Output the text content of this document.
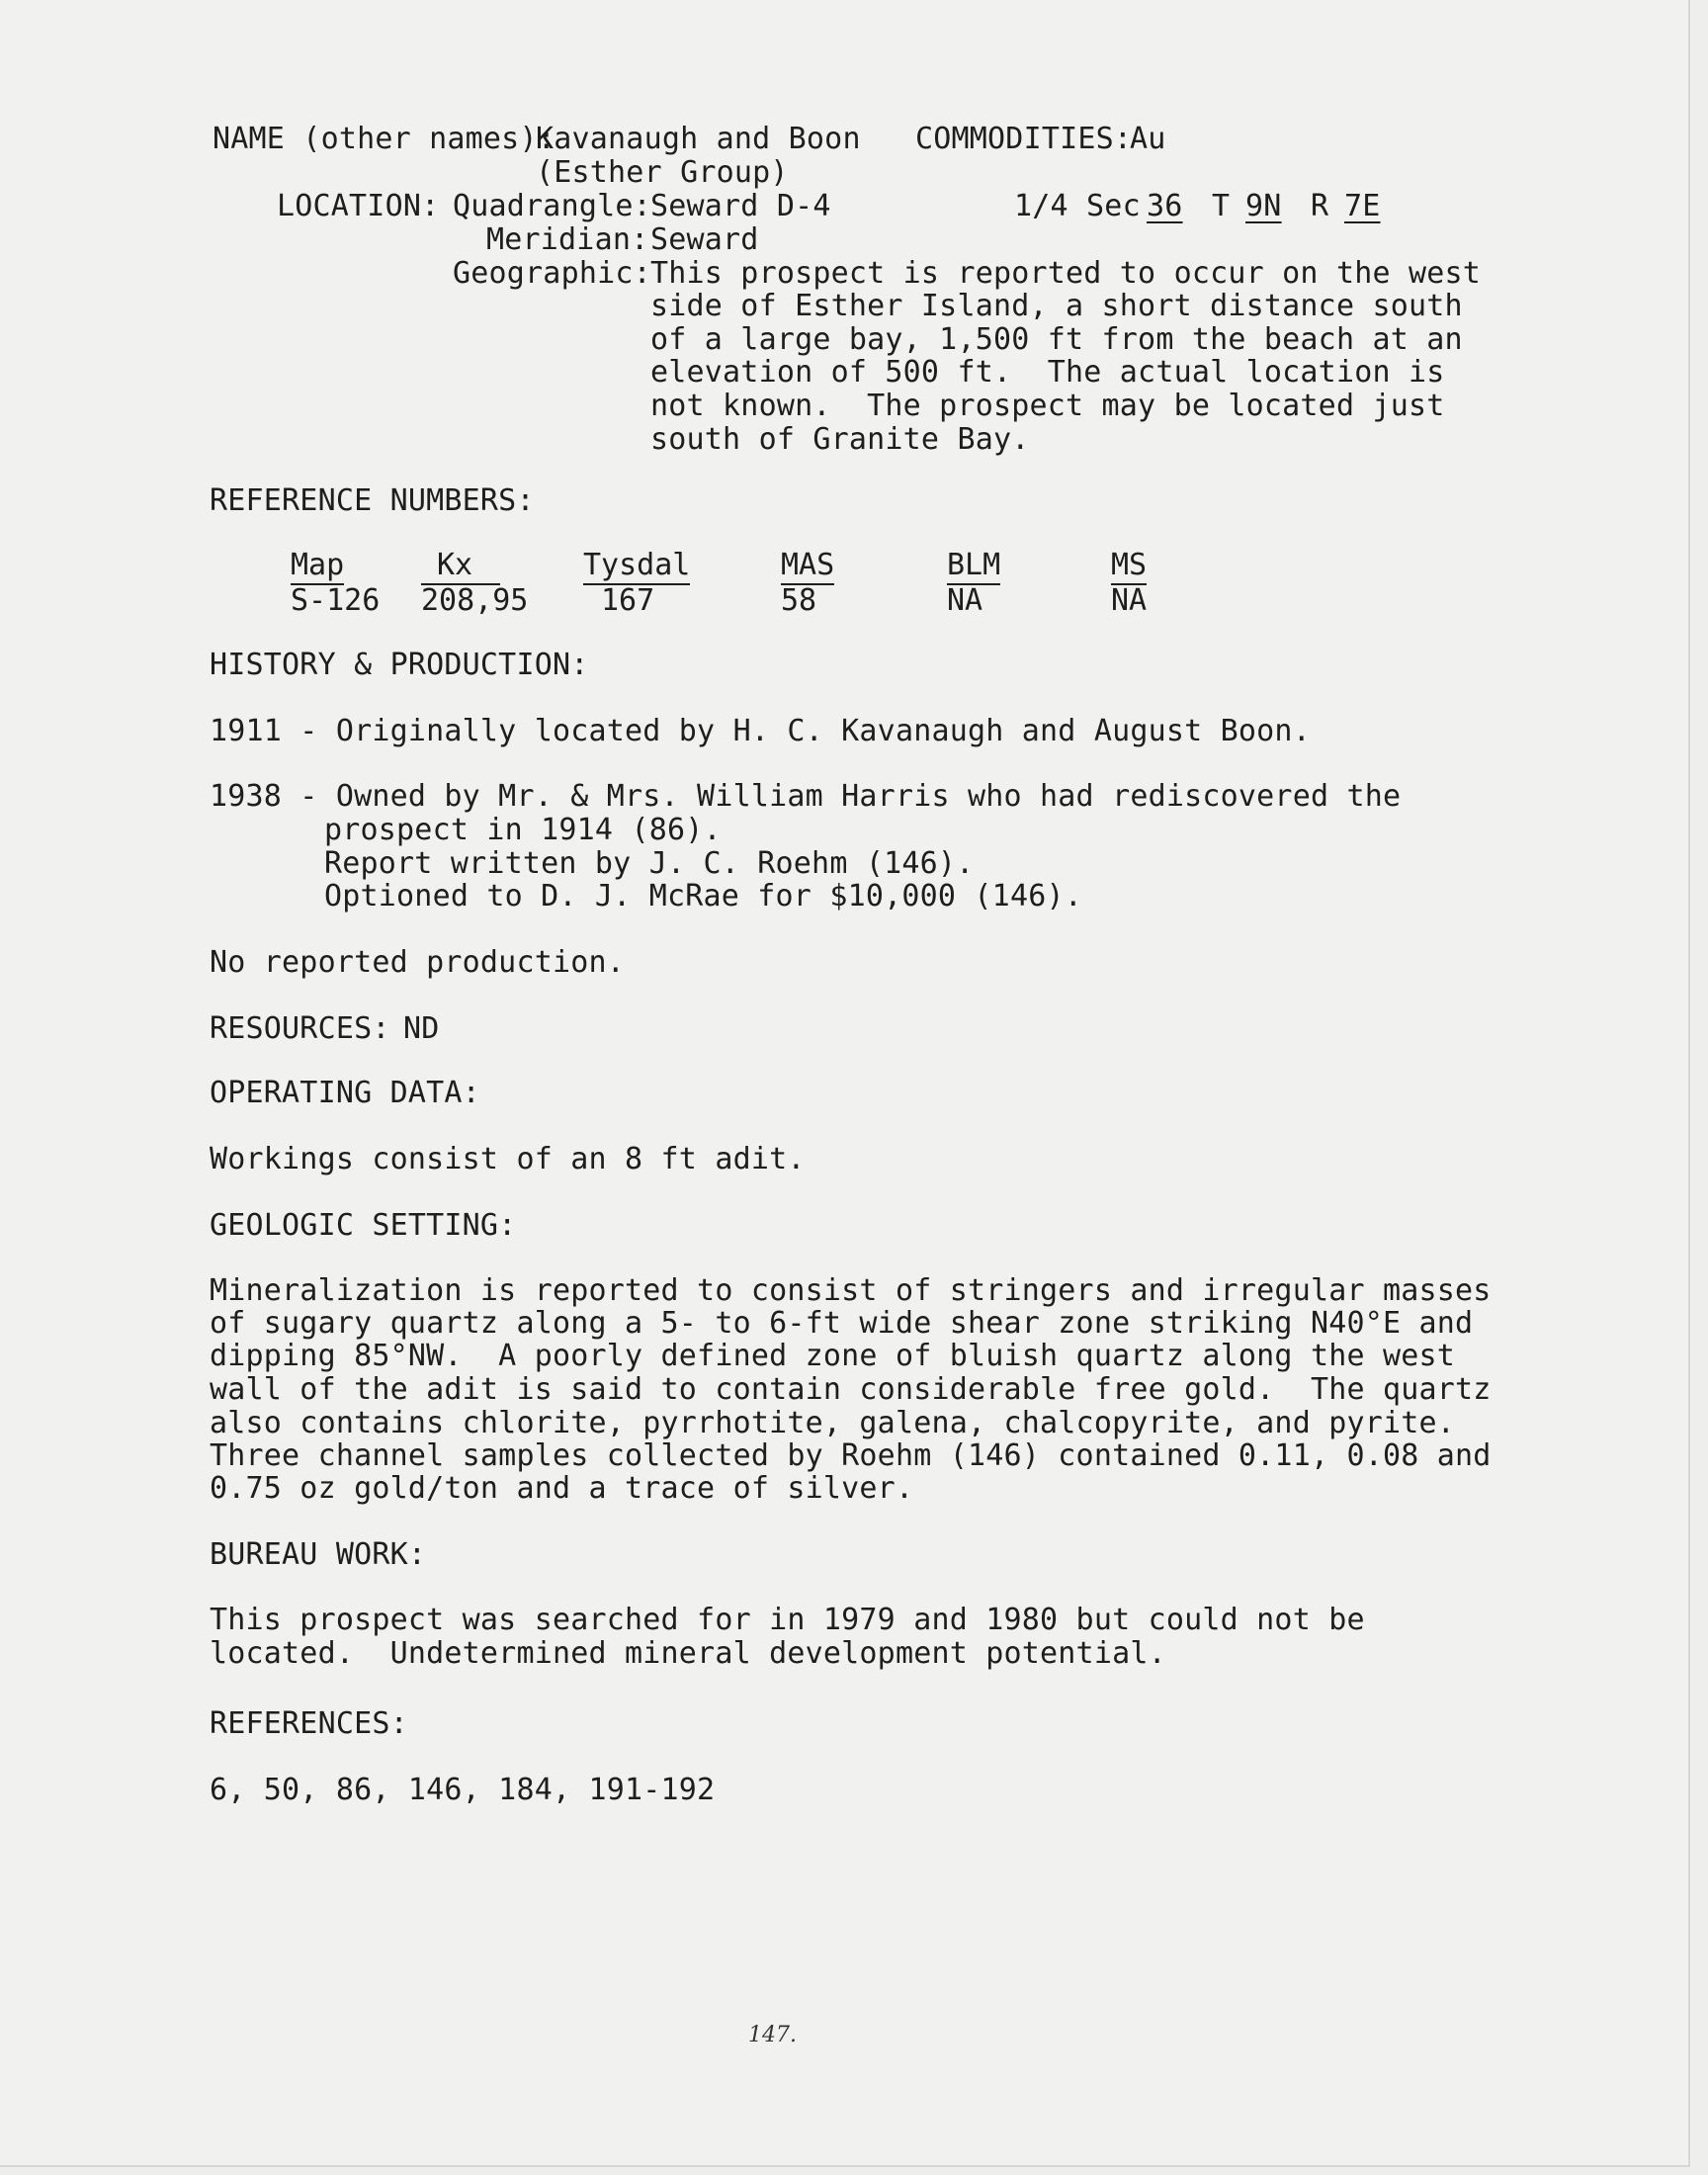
NAME (other names):
Kavanaugh and Boon COMMODITIES:
Au
(Esther Group)
LOCATION: Quadrangle: Seward D-4	1/4 Sec 36 T 9N R 7E
Meridian: Seward
Geographic: This prospect is reported to occur on the west
side of Esther Island, a short distance south
of a large bay, 1,500 ft from the beach at an
elevation of 500 ft.  The actual location is
not known.  The prospect may be located just
south of Granite Bay.
REFERENCE NUMBERS:
Map
S-126
Kx
208,95
Tysdal
167
MAS
58
BLM
NA
MS
NA
HISTORY & PRODUCTION:
1911 - Originally located by H. C. Kavanaugh and August Boon.
1938 - Owned by Mr. & Mrs. William Harris who had rediscovered the
prospect in 1914 (86).
Report written by J. C. Roehm (146).
Optioned to D. J. McRae for $10,000 (146).
No reported production.
RESOURCES: ND
OPERATING DATA:
Workings consist of an 8 ft adit.
GEOLOGIC SETTING:
Mineralization is reported to consist of stringers and irregular masses
of sugary quartz along a 5- to 6-ft wide shear zone striking N40°E and
dipping 85°NW.  A poorly defined zone of bluish quartz along the west
wall of the adit is said to contain considerable free gold.  The quartz
also contains chlorite, pyrrhotite, galena, chalcopyrite, and pyrite.
Three channel samples collected by Roehm (146) contained 0.11, 0.08 and
0.75 oz gold/ton and a trace of silver.
BUREAU WORK:
This prospect was searched for in 1979 and 1980 but could not be
located.  Undetermined mineral development potential.
REFERENCES:
6, 50, 86, 146, 184, 191-192
147.
